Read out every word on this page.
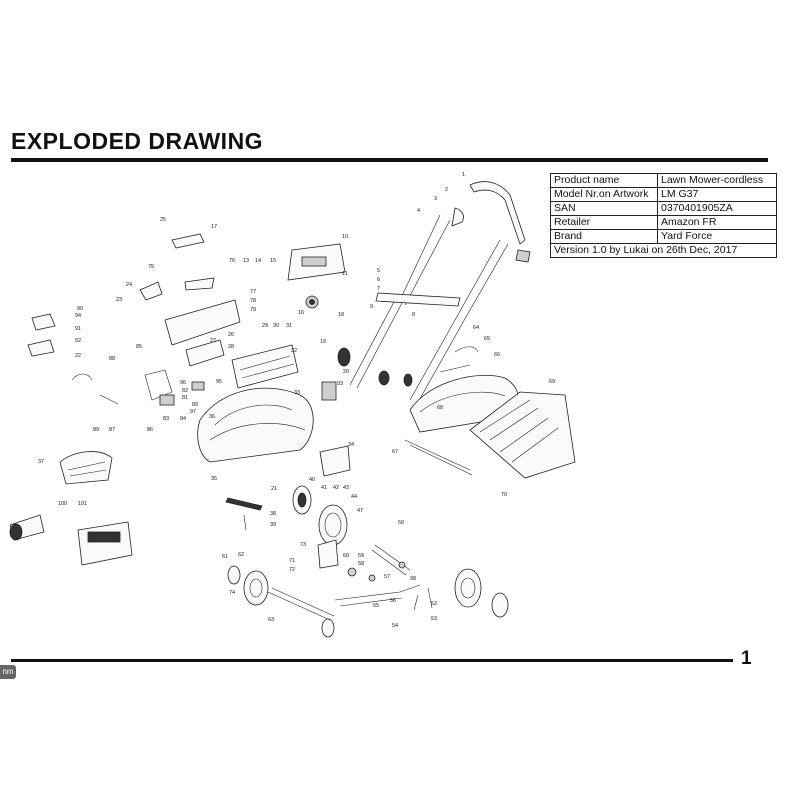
EXPLODED DRAWING
Product name	Lawn Mower-cordless
Model Nr.on Artwork	LM G37
SAN	0370401905ZA
Retailer	Amazon FR
Brand	Yard Force
Version 1.0 by Lukai on 26th Dec, 2017	
1
2
3
4
5
6
7
8
9
10
11
13 14 15
16
17
18
19
20
21
22
23
24
25
26
27
28
29 30 31
32
33
34
35
36
37
38
39
40
41 42 43
44
47
50
52
53
54
55
56
57
58
59
60
61 62
63
64
65
66
67
68
69
70
71
72
73
74
75
76
77
78
79
80
81
82
83 84
85
86
87
88
89
90
91
92
93
94
95
96
97
98
100 101
1
nm
